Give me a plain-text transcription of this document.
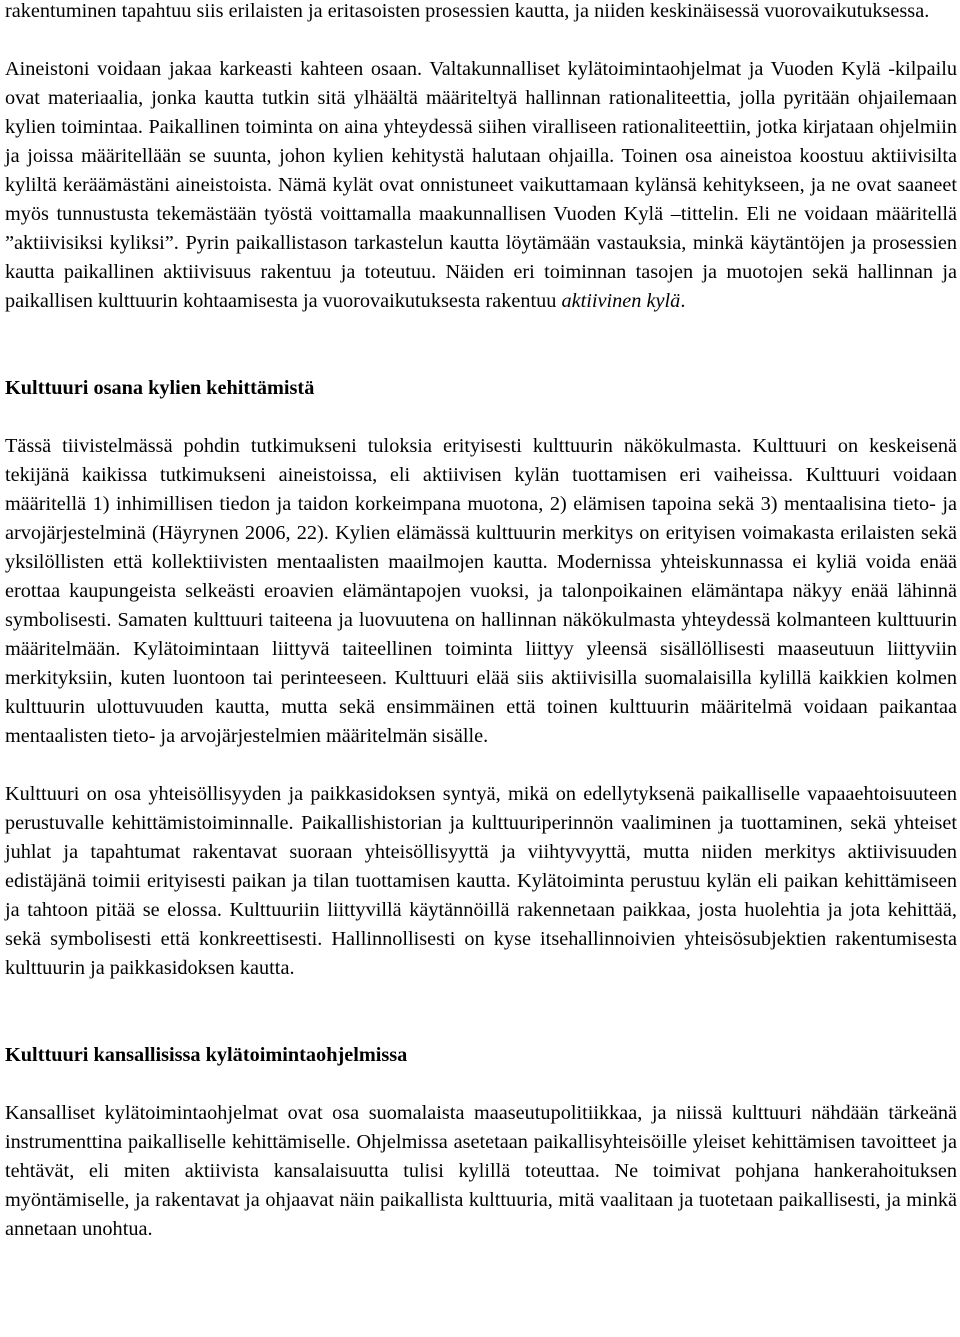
rakentuminen tapahtuu siis erilaisten ja eritasoisten prosessien kautta, ja niiden keskinäisessä vuorovaikutuksessa.

Aineistoni voidaan jakaa karkeasti kahteen osaan. Valtakunnalliset kylätoimintaohjelmat ja Vuoden Kylä -kilpailu ovat materiaalia, jonka kautta tutkin sitä ylhäältä määriteltyä hallinnan rationaliteettia, jolla pyritään ohjailemaan kylien toimintaa. Paikallinen toiminta on aina yhteydessä siihen viralliseen rationaliteettiin, jotka kirjataan ohjelmiin ja joissa määritellään se suunta, johon kylien kehitystä halutaan ohjailla. Toinen osa aineistoa koostuu aktiivisilta kyliltä keräämästäni aineistoista. Nämä kylät ovat onnistuneet vaikuttamaan kylänsä kehitykseen, ja ne ovat saaneet myös tunnustusta tekemästään työstä voittamalla maakunnallisen Vuoden Kylä –tittelin. Eli ne voidaan määritellä ”aktiivisiksi kyliksi”. Pyrin paikallistason tarkastelun kautta löytämään vastauksia, minkä käytäntöjen ja prosessien kautta paikallinen aktiivisuus rakentuu ja toteutuu. Näiden eri toiminnan tasojen ja muotojen sekä hallinnan ja paikallisen kulttuurin kohtaamisesta ja vuorovaikutuksesta rakentuu aktiivinen kylä.

Kulttuuri osana kylien kehittämistä

Tässä tiivistelmässä pohdin tutkimukseni tuloksia erityisesti kulttuurin näkökulmasta. Kulttuuri on keskeisenä tekijänä kaikissa tutkimukseni aineistoissa, eli aktiivisen kylän tuottamisen eri vaiheissa. Kulttuuri voidaan määritellä 1) inhimillisen tiedon ja taidon korkeimpana muotona, 2) elämisen tapoina sekä 3) mentaalisina tieto- ja arvojärjestelminä (Häyrynen 2006, 22). Kylien elämässä kulttuurin merkitys on erityisen voimakasta erilaisten sekä yksilöllisten että kollektiivisten mentaalisten maailmojen kautta. Modernissa yhteiskunnassa ei kyliä voida enää erottaa kaupungeista selkeästi eroavien elämäntapojen vuoksi, ja talonpoikainen elämäntapa näkyy enää lähinnä symbolisesti. Samaten kulttuuri taiteena ja luovuutena on hallinnan näkökulmasta yhteydessä kolmanteen kulttuurin määritelmään. Kylätoimintaan liittyvä taiteellinen toiminta liittyy yleensä sisällöllisesti maaseutuun liittyviin merkityksiin, kuten luontoon tai perinteeseen. Kulttuuri elää siis aktiivisilla suomalaisilla kylillä kaikkien kolmen kulttuurin ulottuvuuden kautta, mutta sekä ensimmäinen että toinen kulttuurin määritelmä voidaan paikantaa mentaalisten tieto- ja arvojärjestelmien määritelmän sisälle.

Kulttuuri on osa yhteisöllisyyden ja paikkasidoksen syntyä, mikä on edellytyksenä paikalliselle vapaaehtoisuuteen perustuvalle kehittämistoiminnalle. Paikallishistorian ja kulttuuriperinnön vaaliminen ja tuottaminen, sekä yhteiset juhlat ja tapahtumat rakentavat suoraan yhteisöllisyyttä ja viihtyvyyttä, mutta niiden merkitys aktiivisuuden edistäjänä toimii erityisesti paikan ja tilan tuottamisen kautta. Kylätoiminta perustuu kylän eli paikan kehittämiseen ja tahtoon pitää se elossa. Kulttuuriin liittyvillä käytännöillä rakennetaan paikkaa, josta huolehtia ja jota kehittää, sekä symbolisesti että konkreettisesti. Hallinnollisesti on kyse itsehallinnoivien yhteisösubjektien rakentumisesta kulttuurin ja paikkasidoksen kautta.

Kulttuuri kansallisissa kylätoimintaohjelmissa

Kansalliset kylätoimintaohjelmat ovat osa suomalaista maaseutupolitiikkaa, ja niissä kulttuuri nähdään tärkeänä instrumenttina paikalliselle kehittämiselle. Ohjelmissa asetetaan paikallisyhteisöille yleiset kehittämisen tavoitteet ja tehtävät, eli miten aktiivista kansalaisuutta tulisi kylillä toteuttaa. Ne toimivat pohjana hankerahoituksen myöntämiselle, ja rakentavat ja ohjaavat näin paikallista kulttuuria, mitä vaalitaan ja tuotetaan paikallisesti, ja minkä annetaan unohtua.
